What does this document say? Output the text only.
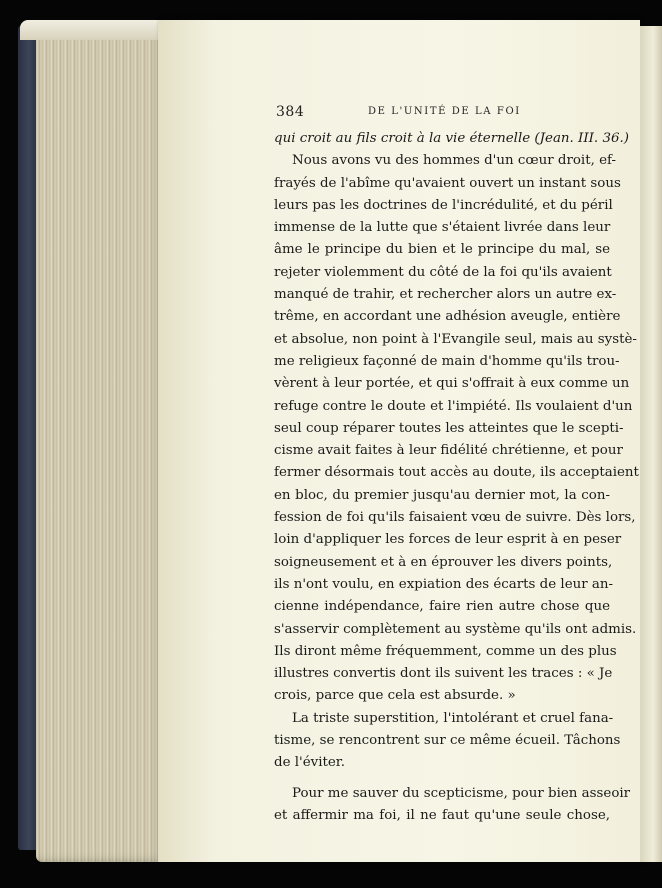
384	DE L'UNITÉ DE LA FOI
qui croit au fils croit à la vie éternelle (Jean. III. 36.)
Nous avons vu des hommes d'un cœur droit, ef-
frayés de l'abîme qu'avaient ouvert un instant sous
leurs pas les doctrines de l'incrédulité, et du péril
immense de la lutte que s'étaient livrée dans leur
âme le principe du bien et le principe du mal, se
rejeter violemment du côté de la foi qu'ils avaient
manqué de trahir, et rechercher alors un autre ex-
trême, en accordant une adhésion aveugle, entière
et absolue, non point à l'Evangile seul, mais au systè-
me religieux façonné de main d'homme qu'ils trou-
vèrent à leur portée, et qui s'offrait à eux comme un
refuge contre le doute et l'impiété. Ils voulaient d'un
seul coup réparer toutes les atteintes que le scepti-
cisme avait faites à leur fidélité chrétienne, et pour
fermer désormais tout accès au doute, ils acceptaient
en bloc, du premier jusqu'au dernier mot, la con-
fession de foi qu'ils faisaient vœu de suivre. Dès lors,
loin d'appliquer les forces de leur esprit à en peser
soigneusement et à en éprouver les divers points,
ils n'ont voulu, en expiation des écarts de leur an-
cienne indépendance, faire rien autre chose que
s'asservir complètement au système qu'ils ont admis.
Ils diront même fréquemment, comme un des plus
illustres convertis dont ils suivent les traces : « Je
crois, parce que cela est absurde. »
La triste superstition, l'intolérant et cruel fana-
tisme, se rencontrent sur ce même écueil. Tâchons
de l'éviter.
Pour me sauver du scepticisme, pour bien asseoir
et affermir ma foi, il ne faut qu'une seule chose,
